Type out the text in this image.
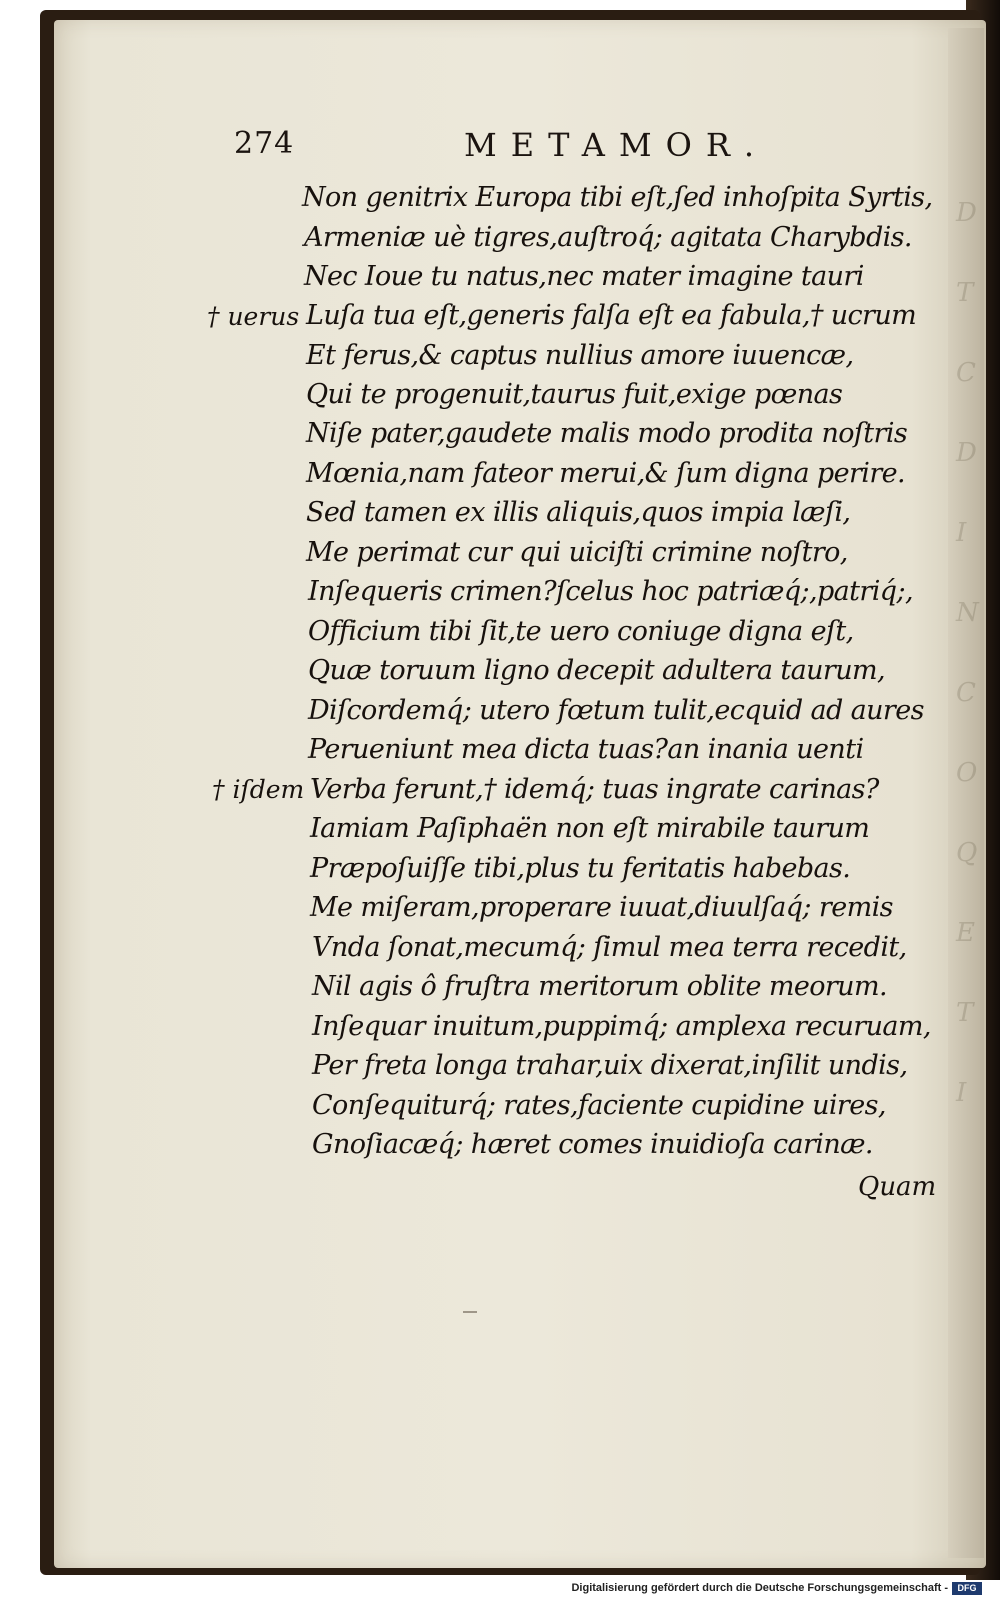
D
T
C
D
I
N
C
O
Q
E
T
I
274	METAMOR.
Non genitrix Europa tibi eſt,ſed inhoſpita Syrtis,
Armeniæ uè tigres,auſtroq́; agitata Charybdis.
Nec Ioue tu natus,nec mater imagine tauri
Luſa tua eſt,generis falſa eſt ea fabula,† ucrum
Et ferus,& captus nullius amore iuuencæ,
Qui te progenuit,taurus fuit,exige pœnas
Niſe pater,gaudete malis modo prodita noſtris
Mœnia,nam fateor merui,& ſum digna perire.
Sed tamen ex illis aliquis,quos impia læſi,
Me perimat cur qui uiciſti crimine noſtro,
Inſequeris crimen?ſcelus hoc patriæq́;,patriq́;,
Officium tibi ſit,te uero coniuge digna eſt,
Quæ toruum ligno decepit adultera taurum,
Diſcordemq́; utero fœtum tulit,ecquid ad aures
Perueniunt mea dicta tuas?an inania uenti
Verba ferunt,† idemq́; tuas ingrate carinas?
Iamiam Paſiphaën non eſt mirabile taurum
Præpoſuiſſe tibi,plus tu feritatis habebas.
Me miſeram,properare iuuat,diuulſaq́; remis
Vnda ſonat,mecumq́; ſimul mea terra recedit,
Nil agis ô fruſtra meritorum oblite meorum.
Inſequar inuitum,puppimq́; amplexa recuruam,
Per freta longa trahar,uix dixerat,inſilit undis,
Conſequiturq́; rates,faciente cupidine uires,
Gnoſiacæq́; hæret comes inuidioſa carinæ.
† uerus
† iſdem
Quam
Digitalisierung gefördert durch die Deutsche Forschungsgemeinschaft -	DFG
